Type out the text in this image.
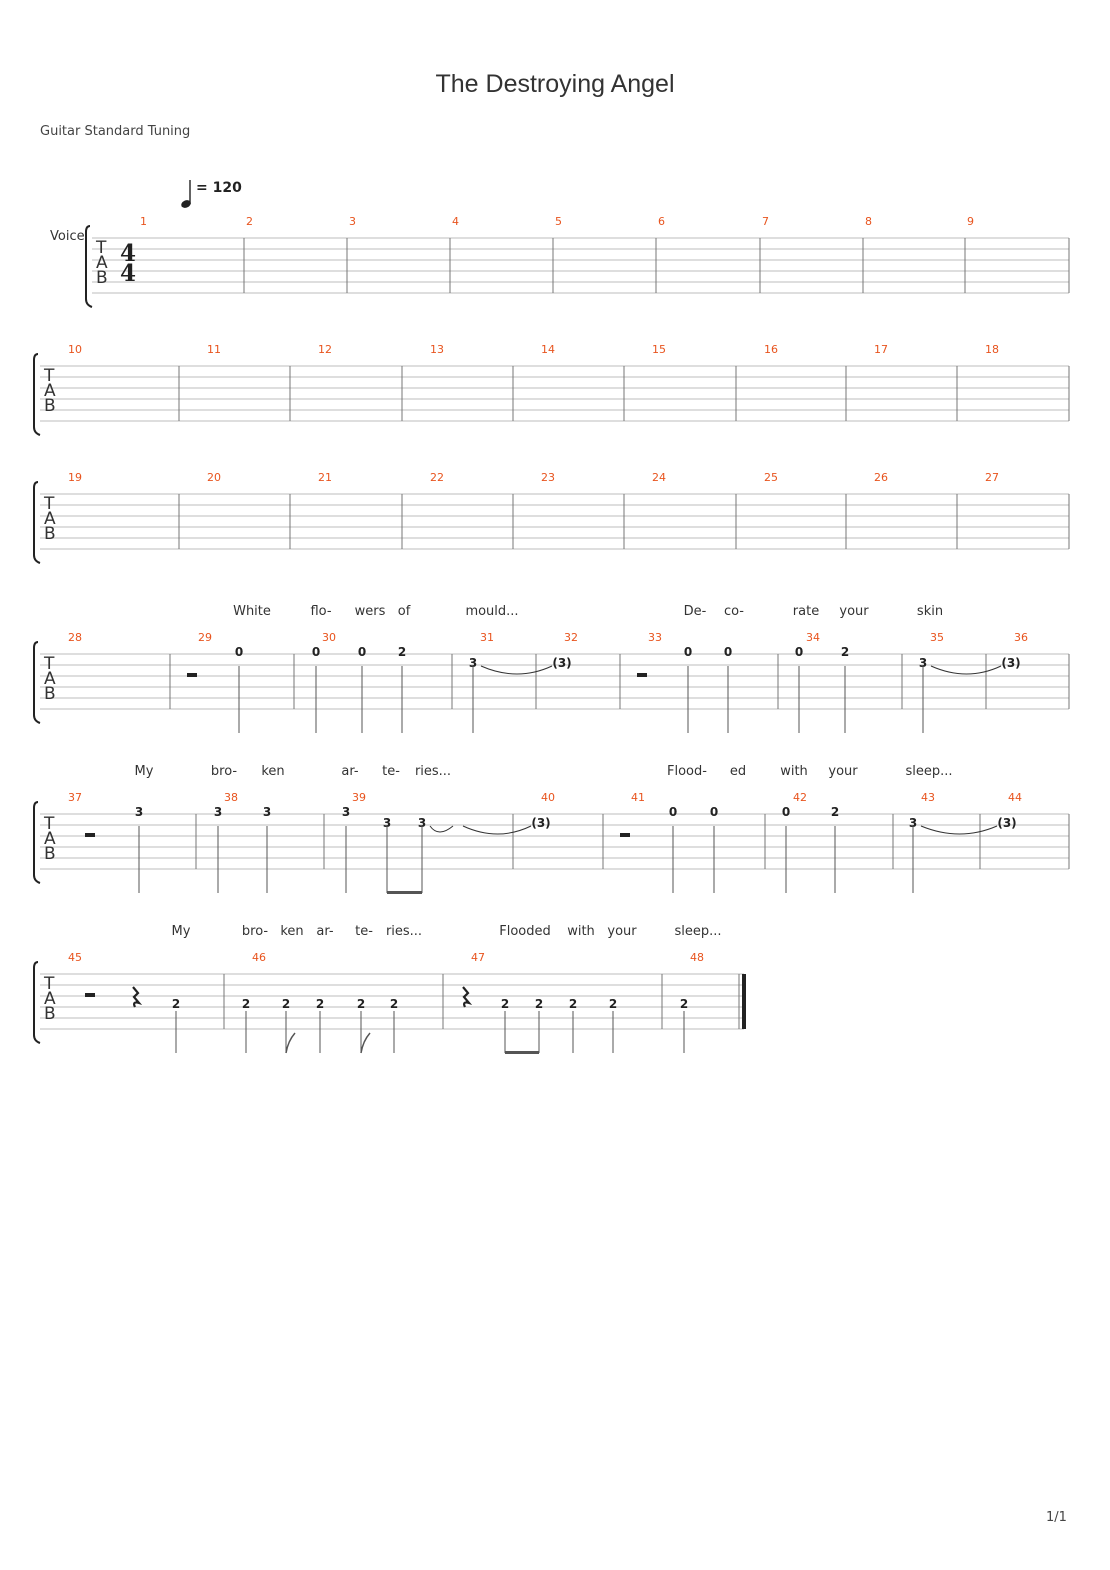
The Destroying Angel
Guitar Standard Tuning
= 120
Voice
1/1
T
A
B
4
4
1	2	3	4	5	6	7	8	9
T
A
B
10	11	12	13	14	15	16	17	18
T
A
B
19	20	21	22	23	24	25	26	27
T
A
B
28	29	30	31	32	33	34	35	36
White	flo- wers of	mould...	De- co-	rate your	skin
0	0	0	2
3	(3)
0	0	0	2
3	(3)
T
A
B
37	38	39	40	41	42	43	44
My	bro- ken	ar- te- ries...	Flood- ed	with your	sleep...
3	3	3	3
3 3	(3)
0	0	0	2
3	(3)
T
A
B
45	46	47	48
My	bro- ken ar- te- ries...	Flooded with your	sleep...
2	2	2 2	2 2	2 2 2	2	2
